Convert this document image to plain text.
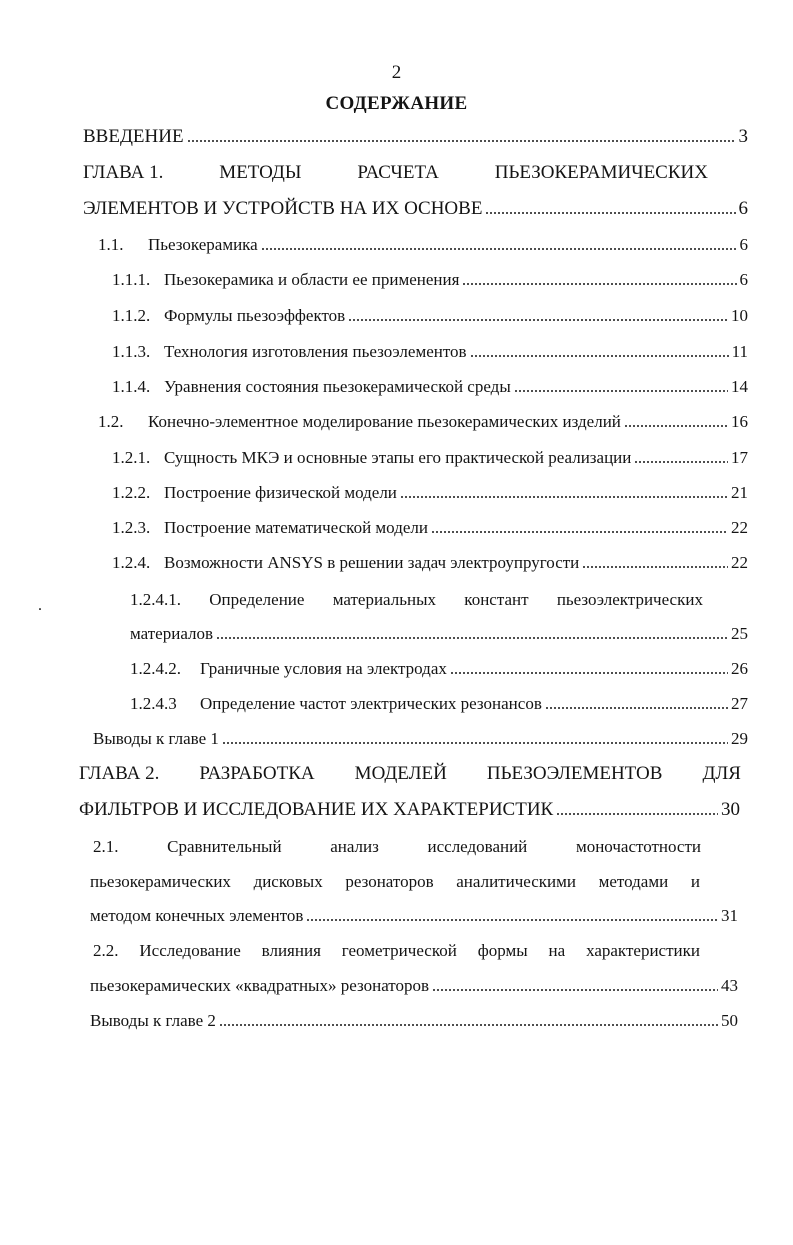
2
СОДЕРЖАНИЕ
.
ВВЕДЕНИЕ	3
ГЛАВА 1.	МЕТОДЫ	РАСЧЕТА	ПЬЕЗОКЕРАМИЧЕСКИХ
ЭЛЕМЕНТОВ И УСТРОЙСТВ НА ИХ ОСНОВЕ	6
1.1.	Пьезокерамика	6
1.1.1. Пьезокерамика и области ее применения	6
1.1.2. Формулы пьезоэффектов	10
1.1.3. Технология изготовления пьезоэлементов	11
1.1.4. Уравнения состояния пьезокерамической среды	14
1.2.	Конечно-элементное моделирование пьезокерамических изделий	16
1.2.1. Сущность МКЭ и основные этапы его практической реализации	17
1.2.2. Построение физической модели	21
1.2.3. Построение математической модели	22
1.2.4. Возможности ANSYS в решении задач электроупругости	22
1.2.4.1. Определение материальных констант пьезоэлектрических
материалов	25
1.2.4.2.	Граничные условия на электродах	26
1.2.4.3	Определение частот электрических резонансов	27
Выводы к главе 1	29
ГЛАВА 2. РАЗРАБОТКА МОДЕЛЕЙ ПЬЕЗОЭЛЕМЕНТОВ ДЛЯ
ФИЛЬТРОВ И ИССЛЕДОВАНИЕ ИХ ХАРАКТЕРИСТИК	30
2.1.	Сравнительный	анализ	исследований	моночастотности
пьезокерамических дисковых резонаторов аналитическими методами и
методом конечных элементов	31
2.2. Исследование влияния геометрической формы на характеристики
пьезокерамических «квадратных» резонаторов	43
Выводы к главе 2	50
